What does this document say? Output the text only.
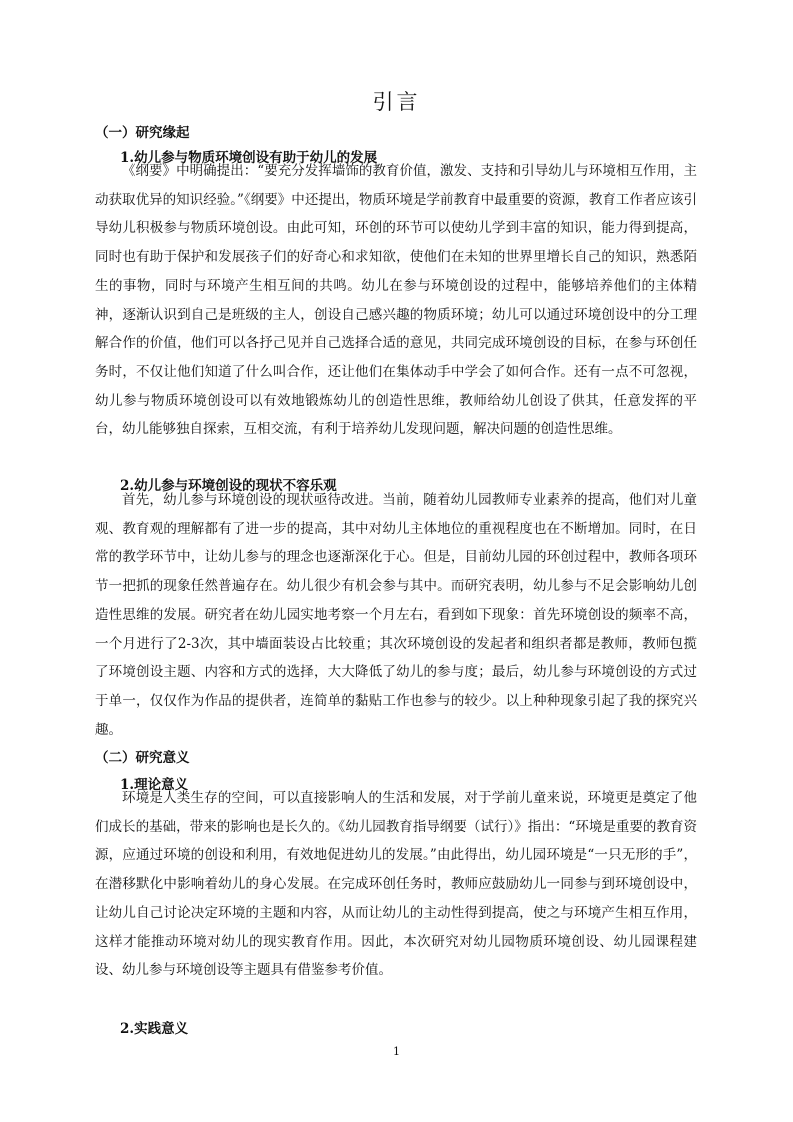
引言
（一）研究缘起
1.幼儿参与物质环境创设有助于幼儿的发展

《纲要》中明确提出：“要充分发挥墙饰的教育价值，激发、支持和引导幼儿与环境相互作用，主动获取优异的知识经验。”《纲要》中还提出，物质环境是学前教育中最重要的资源，教育工作者应该引导幼儿积极参与物质环境创设。由此可知，环创的环节可以使幼儿学到丰富的知识，能力得到提高，同时也有助于保护和发展孩子们的好奇心和求知欲，使他们在未知的世界里增长自己的知识，熟悉陌生的事物，同时与环境产生相互间的共鸣。幼儿在参与环境创设的过程中，能够培养他们的主体精神，逐渐认识到自己是班级的主人，创设自己感兴趣的物质环境；幼儿可以通过环境创设中的分工理解合作的价值，他们可以各抒己见并自己选择合适的意见，共同完成环境创设的目标，在参与环创任务时，不仅让他们知道了什么叫合作，还让他们在集体动手中学会了如何合作。还有一点不可忽视，幼儿参与物质环境创设可以有效地锻炼幼儿的创造性思维，教师给幼儿创设了供其，任意发挥的平台，幼儿能够独自探索，互相交流，有利于培养幼儿发现问题，解决问题的创造性思维。

2.幼儿参与环境创设的现状不容乐观

首先，幼儿参与环境创设的现状亟待改进。当前，随着幼儿园教师专业素养的提高，他们对儿童观、教育观的理解都有了进一步的提高，其中对幼儿主体地位的重视程度也在不断增加。同时，在日常的教学环节中，让幼儿参与的理念也逐渐深化于心。但是，目前幼儿园的环创过程中，教师各项环节一把抓的现象任然普遍存在。幼儿很少有机会参与其中。而研究表明，幼儿参与不足会影响幼儿创造性思维的发展。研究者在幼儿园实地考察一个月左右，看到如下现象：首先环境创设的频率不高，一个月进行了2-3次，其中墙面装设占比较重；其次环境创设的发起者和组织者都是教师，教师包揽了环境创设主题、内容和方式的选择，大大降低了幼儿的参与度；最后，幼儿参与环境创设的方式过于单一，仅仅作为作品的提供者，连简单的黏贴工作也参与的较少。以上种种现象引起了我的探究兴趣。

（二）研究意义
1.理论意义

环境是人类生存的空间，可以直接影响人的生活和发展，对于学前儿童来说，环境更是奠定了他们成长的基础，带来的影响也是长久的。《幼儿园教育指导纲要（试行）》指出：“环境是重要的教育资源，应通过环境的创设和利用，有效地促进幼儿的发展。”由此得出，幼儿园环境是“一只无形的手”，在潜移默化中影响着幼儿的身心发展。在完成环创任务时，教师应鼓励幼儿一同参与到环境创设中，让幼儿自己讨论决定环境的主题和内容，从而让幼儿的主动性得到提高，使之与环境产生相互作用，这样才能推动环境对幼儿的现实教育作用。因此，本次研究对幼儿园物质环境创设、幼儿园课程建设、幼儿参与环境创设等主题具有借鉴参考价值。

2.实践意义
1
